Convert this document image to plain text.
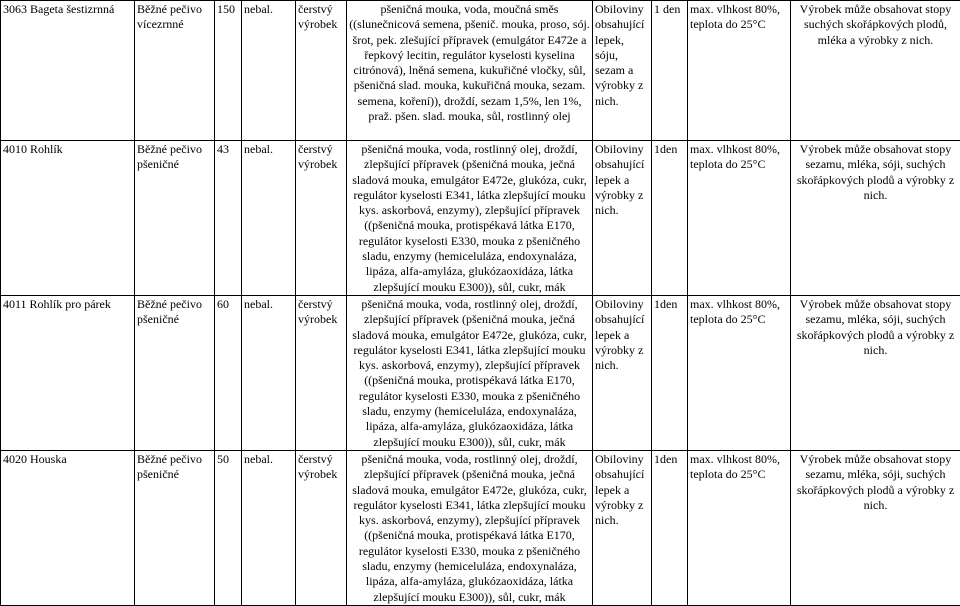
3063 Bageta šestizrnná	Běžné pečivo vícezrnné	150	nebal.	čerstvý výrobek	pšeničná mouka, voda, moučná směs ((slunečnicová semena, pšenič. mouka, proso, sój. šrot, pek. zlešující přípravek (emulgátor E472e a řepkový lecitin, regulátor kyselosti kyselina citrónová), lněná semena, kukuřičné vločky, sůl, pšeničná slad. mouka, kukuřičná mouka, sezam. semena, koření)), droždí, sezam 1,5%, len 1%, praž. pšen. slad. mouka, sůl, rostlinný olej	Obiloviny obsahující lepek, sóju, sezam a výrobky z nich.	1 den	max. vlhkost 80%, teplota do 25°C	Výrobek může obsahovat stopy suchých skořápkových plodů, mléka a výrobky z nich.
4010 Rohlík	Běžné pečivo pšeničné	43	nebal.	čerstvý výrobek	pšeničná mouka, voda, rostlinný olej, droždí, zlepšující přípravek (pšeničná mouka, ječná sladová mouka, emulgátor E472e, glukóza, cukr, regulátor kyselosti E341, látka zlepšující mouku kys. askorbová, enzymy), zlepšující přípravek ((pšeničná mouka, protispékavá látka E170, regulátor kyselosti E330, mouka z pšeničného sladu, enzymy (hemiceluláza, endoxynaláza, lipáza, alfa-amyláza, glukózaoxidáza, látka zlepšující mouku E300)), sůl, cukr, mák	Obiloviny obsahující lepek a výrobky z nich.	1den	max. vlhkost 80%, teplota do 25°C	Výrobek může obsahovat stopy sezamu, mléka, sóji, suchých skořápkových plodů a výrobky z nich.
4011 Rohlík pro párek	Běžné pečivo pšeničné	60	nebal.	čerstvý výrobek	pšeničná mouka, voda, rostlinný olej, droždí, zlepšující přípravek (pšeničná mouka, ječná sladová mouka, emulgátor E472e, glukóza, cukr, regulátor kyselosti E341, látka zlepšující mouku kys. askorbová, enzymy), zlepšující přípravek ((pšeničná mouka, protispékavá látka E170, regulátor kyselosti E330, mouka z pšeničného sladu, enzymy (hemiceluláza, endoxynaláza, lipáza, alfa-amyláza, glukózaoxidáza, látka zlepšující mouku E300)), sůl, cukr, mák	Obiloviny obsahující lepek a výrobky z nich.	1den	max. vlhkost 80%, teplota do 25°C	Výrobek může obsahovat stopy sezamu, mléka, sóji, suchých skořápkových plodů a výrobky z nich.
4020 Houska	Běžné pečivo pšeničné	50	nebal.	čerstvý výrobek	pšeničná mouka, voda, rostlinný olej, droždí, zlepšující přípravek (pšeničná mouka, ječná sladová mouka, emulgátor E472e, glukóza, cukr, regulátor kyselosti E341, látka zlepšující mouku kys. askorbová, enzymy), zlepšující přípravek ((pšeničná mouka, protispékavá látka E170, regulátor kyselosti E330, mouka z pšeničného sladu, enzymy (hemiceluláza, endoxynaláza, lipáza, alfa-amyláza, glukózaoxidáza, látka zlepšující mouku E300)), sůl, cukr, mák	Obiloviny obsahující lepek a výrobky z nich.	1den	max. vlhkost 80%, teplota do 25°C	Výrobek může obsahovat stopy sezamu, mléka, sóji, suchých skořápkových plodů a výrobky z nich.
